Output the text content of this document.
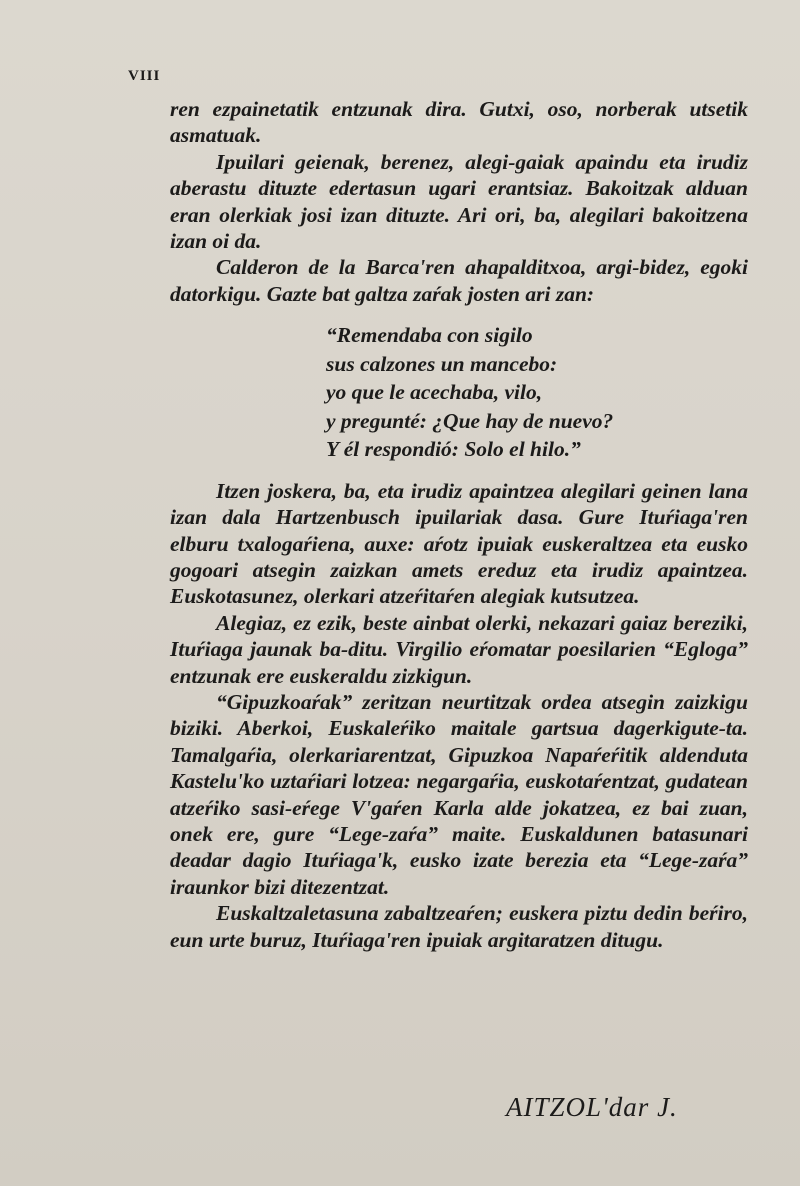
VIII

ren ezpainetatik entzunak dira. Gutxi, oso, norberak utsetik asmatuak.

Ipuilari geienak, berenez, alegi-gaiak apaindu eta irudiz aberastu dituzte edertasun ugari erantsiaz. Bakoitzak alduan eran olerkiak josi izan dituzte. Ari ori, ba, alegilari bakoitzena izan oi da.

Calderon de la Barca'ren ahapalditxoa, argi-bidez, egoki datorkigu. Gazte bat galtza zaŕak josten ari zan:

“Remendaba con sigilo
sus calzones un mancebo:
yo que le acechaba, vilo,
y pregunté: ¿Que hay de nuevo?
Y él respondió: Solo el hilo.”

Itzen joskera, ba, eta irudiz apaintzea alegilari geinen lana izan dala Hartzenbusch ipuilariak dasa. Gure Ituŕiaga'ren elburu txalogaŕiena, auxe: aŕotz ipuiak euskeraltzea eta eusko gogoari atsegin zaizkan amets ereduz eta irudiz apaintzea. Euskotasunez, olerkari atzeŕitaŕen alegiak kutsutzea.

Alegiaz, ez ezik, beste ainbat olerki, nekazari gaiaz bereziki, Ituŕiaga jaunak ba-ditu. Virgilio eŕomatar poesilarien “Egloga” entzunak ere euskeraldu zizkigun.

“Gipuzkoaŕak” zeritzan neurtitzak ordea atsegin zaizkigu biziki. Aberkoi, Euskaleŕiko maitale gartsua dagerkigute-ta. Tamalgaŕia, olerkariarentzat, Gipuzkoa Napaŕeŕitik aldenduta Kastelu'ko uztaŕiari lotzea: negargaŕia, euskotaŕentzat, gudatean atzeŕiko sasi-eŕege V'gaŕen Karla alde jokatzea, ez bai zuan, onek ere, gure “Lege-zaŕa” maite. Euskaldunen batasunari deadar dagio Ituŕiaga'k, eusko izate berezia eta “Lege-zaŕa” iraunkor bizi ditezentzat.

Euskaltzaletasuna zabaltzeaŕen; euskera piztu dedin beŕiro, eun urte buruz, Ituŕiaga'ren ipuiak argitaratzen ditugu.

AITZOL'dar J.
